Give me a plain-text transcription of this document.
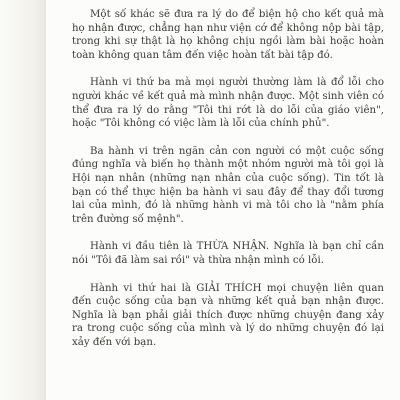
Một số khác sẽ đưa ra lý do để biện hộ cho kết quả mà họ nhận được, chẳng hạn như viện cớ để không nộp bài tập, trong khi sự thật là họ không chịu ngồi làm bài hoặc hoàn toàn không quan tâm đến việc hoàn tất bài tập đó.

Hành vi thứ ba mà mọi người thường làm là đổ lỗi cho người khác về kết quả mà mình nhận được. Một sinh viên có thể đưa ra lý do rằng "Tôi thi rớt là do lỗi của giáo viên", hoặc "Tôi không có việc làm là lỗi của chính phủ".

Ba hành vi trên ngăn cản con người có một cuộc sống đúng nghĩa và biến họ thành một nhóm người mà tôi gọi là Hội nạn nhân (những nạn nhân của cuộc sống). Tin tốt là bạn có thể thực hiện ba hành vi sau đây để thay đổi tương lai của mình, đó là những hành vi mà tôi cho là "nằm phía trên đường số mệnh".

Hành vi đầu tiên là THỪA NHẬN. Nghĩa là bạn chỉ cần nói "Tôi đã làm sai rồi" và thừa nhận mình có lỗi.

Hành vi thứ hai là GIẢI THÍCH mọi chuyện liên quan đến cuộc sống của bạn và những kết quả bạn nhận được. Nghĩa là bạn phải giải thích được những chuyện đang xảy ra trong cuộc sống của mình và lý do những chuyện đó lại xảy đến với bạn.
